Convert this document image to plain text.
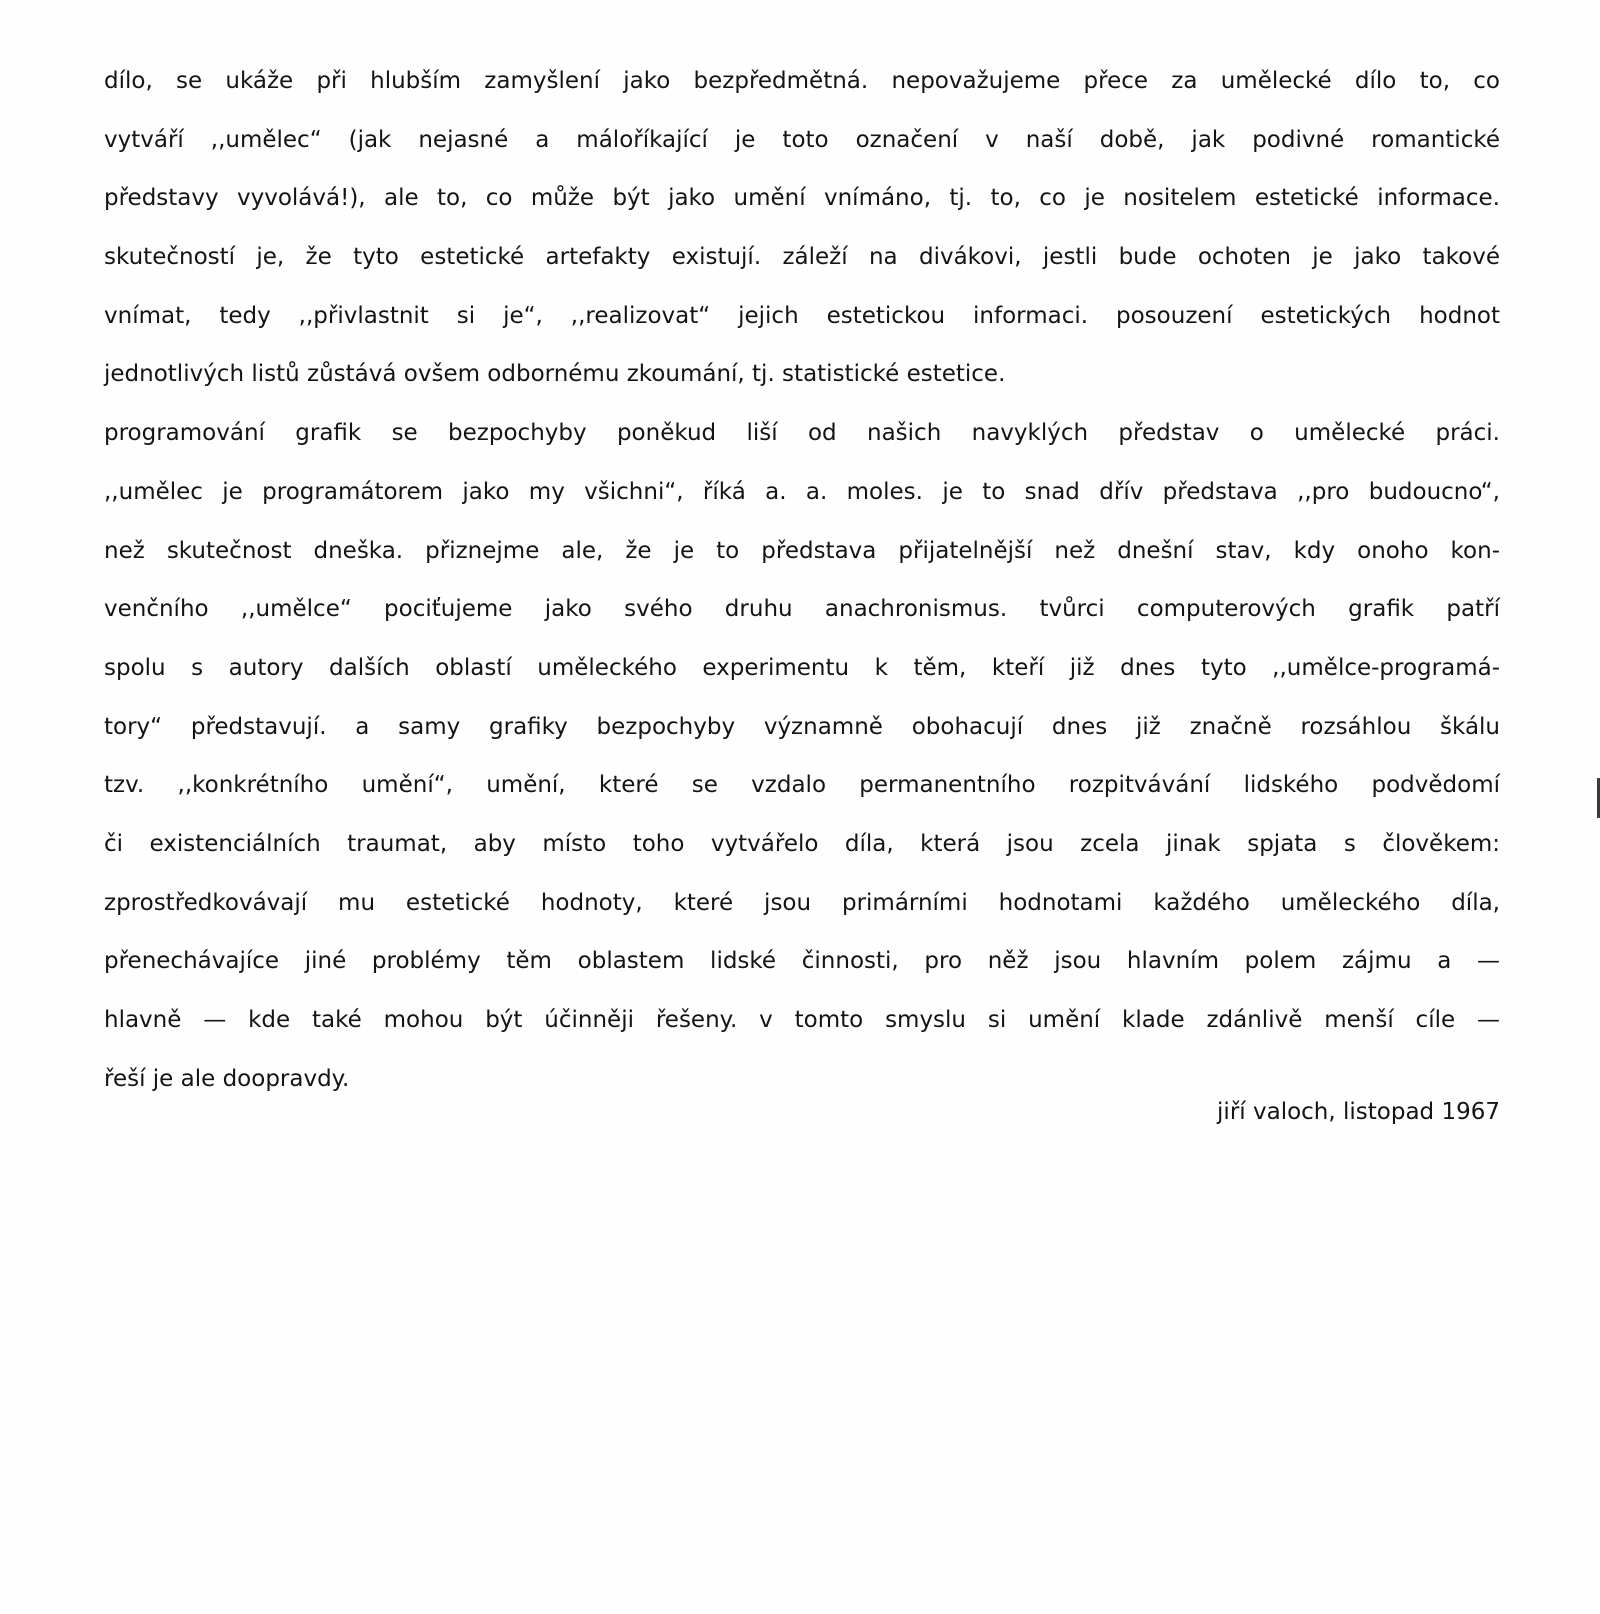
dílo, se ukáže při hlubším zamyšlení jako bezpředmětná. nepovažujeme přece za umělecké dílo to, co
vytváří ,,umělec“ (jak nejasné a máloříkající je toto označení v naší době, jak podivné romantické
představy vyvolává!), ale to, co může být jako umění vnímáno, tj. to, co je nositelem estetické informace.
skutečností je, že tyto estetické artefakty existují. záleží na divákovi, jestli bude ochoten je jako takové
vnímat, tedy ,,přivlastnit si je“, ,,realizovat“ jejich estetickou informaci. posouzení estetických hodnot
jednotlivých listů zůstává ovšem odbornému zkoumání, tj. statistické estetice.
programování grafik se bezpochyby poněkud liší od našich navyklých představ o umělecké práci.
,,umělec je programátorem jako my všichni“, říká a. a. moles. je to snad dřív představa ,,pro budoucno“,
než skutečnost dneška. přiznejme ale, že je to představa přijatelnější než dnešní stav, kdy onoho kon-
venčního ,,umělce“ pociťujeme jako svého druhu anachronismus. tvůrci computerových grafik patří
spolu s autory dalších oblastí uměleckého experimentu k těm, kteří již dnes tyto ,,umělce-programá-
tory“ představují. a samy grafiky bezpochyby významně obohacují dnes již značně rozsáhlou škálu
tzv. ,,konkrétního umění“, umění, které se vzdalo permanentního rozpitvávání lidského podvědomí
či existenciálních traumat, aby místo toho vytvářelo díla, která jsou zcela jinak spjata s člověkem:
zprostředkovávají mu estetické hodnoty, které jsou primárními hodnotami každého uměleckého díla,
přenechávajíce jiné problémy těm oblastem lidské činnosti, pro něž jsou hlavním polem zájmu a —
hlavně — kde také mohou být účinněji řešeny. v tomto smyslu si umění klade zdánlivě menší cíle —
řeší je ale doopravdy.
jiří valoch, listopad 1967
